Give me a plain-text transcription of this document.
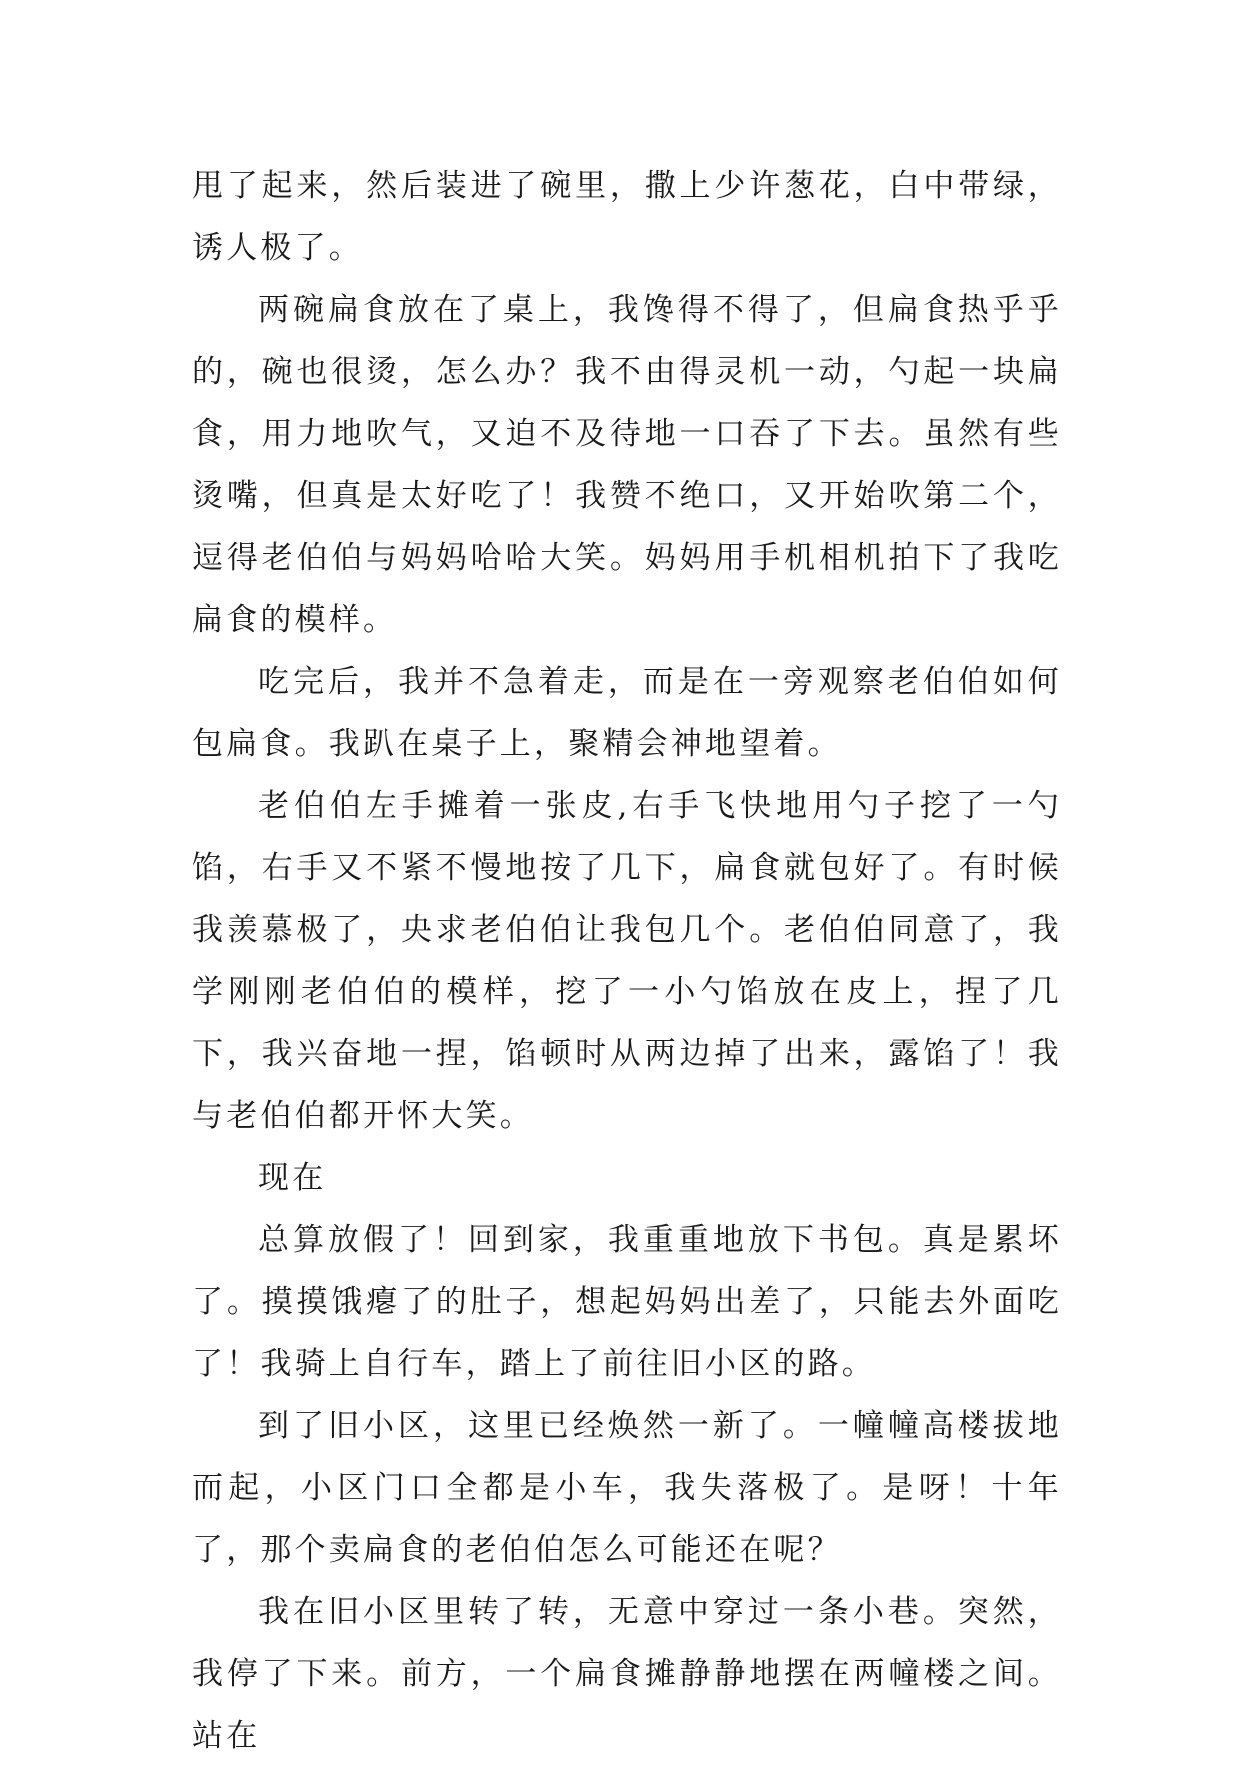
甩了起来，然后装进了碗里，撒上少许葱花，白中带绿，诱人极了。

两碗扁食放在了桌上，我馋得不得了，但扁食热乎乎的，碗也很烫，怎么办？我不由得灵机一动，勺起一块扁食，用力地吹气，又迫不及待地一口吞了下去。虽然有些烫嘴，但真是太好吃了！我赞不绝口，又开始吹第二个，逗得老伯伯与妈妈哈哈大笑。妈妈用手机相机拍下了我吃扁食的模样。

吃完后，我并不急着走，而是在一旁观察老伯伯如何包扁食。我趴在桌子上，聚精会神地望着。

老伯伯左手摊着一张皮,右手飞快地用勺子挖了一勺馅，右手又不紧不慢地按了几下，扁食就包好了。有时候我羡慕极了，央求老伯伯让我包几个。老伯伯同意了，我学刚刚老伯伯的模样，挖了一小勺馅放在皮上，捏了几下，我兴奋地一捏，馅顿时从两边掉了出来，露馅了！我与老伯伯都开怀大笑。

现在

总算放假了！回到家，我重重地放下书包。真是累坏了。摸摸饿瘪了的肚子，想起妈妈出差了，只能去外面吃了！我骑上自行车，踏上了前往旧小区的路。

到了旧小区，这里已经焕然一新了。一幢幢高楼拔地而起，小区门口全都是小车，我失落极了。是呀！十年了，那个卖扁食的老伯伯怎么可能还在呢？

我在旧小区里转了转，无意中穿过一条小巷。突然，我停了下来。前方，一个扁食摊静静地摆在两幢楼之间。站在
